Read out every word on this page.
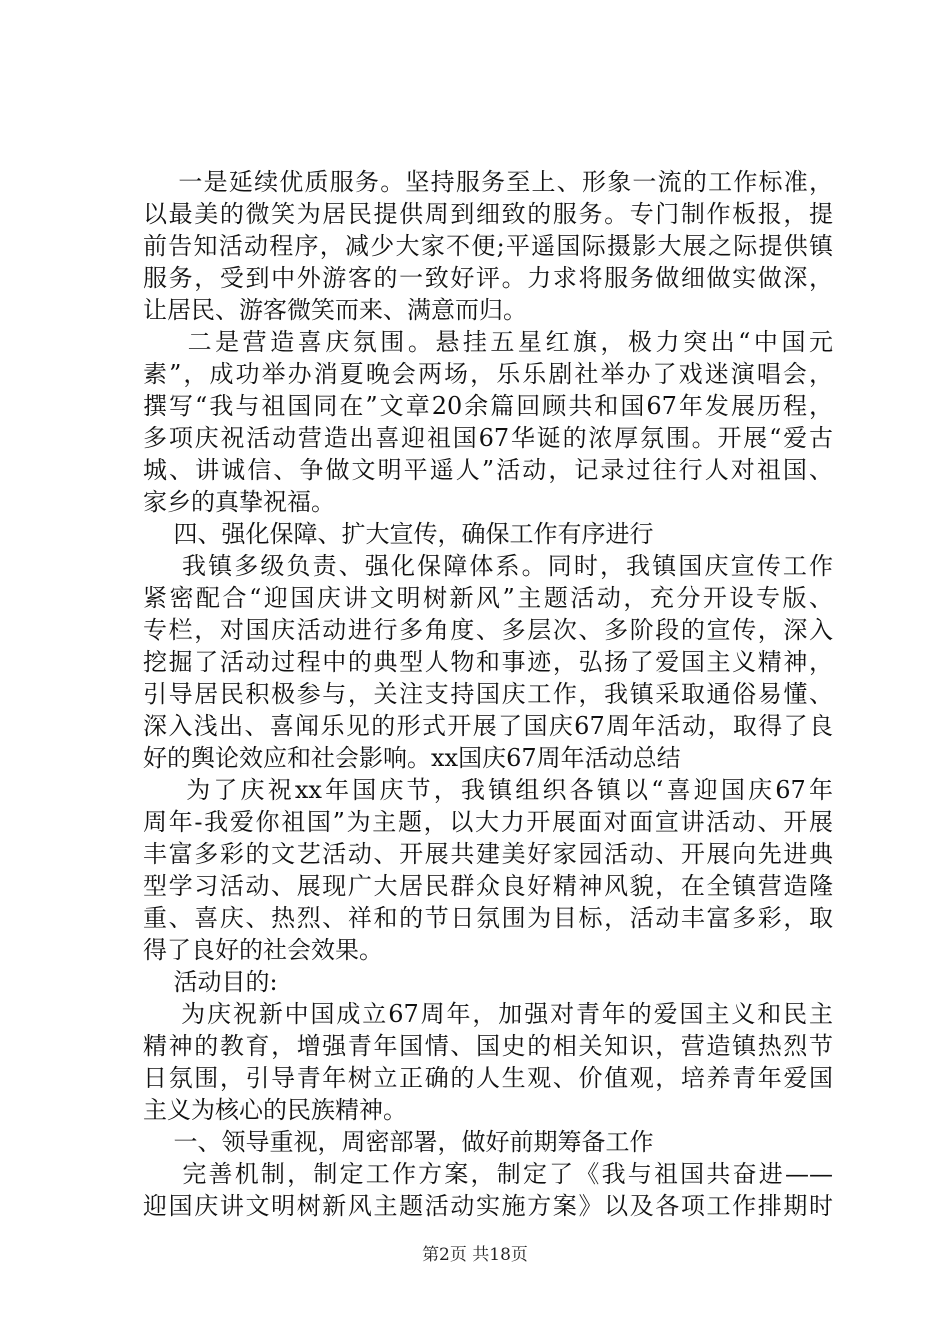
一是延续优质服务。坚持服务至上、形象一流的工作标准，
以最美的微笑为居民提供周到细致的服务。专门制作板报，提
前告知活动程序，减少大家不便;平遥国际摄影大展之际提供镇
服务，受到中外游客的一致好评。力求将服务做细做实做深，
让居民、游客微笑而来、满意而归。
二是营造喜庆氛围。悬挂五星红旗，极力突出“中国元
素”，成功举办消夏晚会两场，乐乐剧社举办了戏迷演唱会，
撰写“我与祖国同在”文章20余篇回顾共和国67年发展历程，
多项庆祝活动营造出喜迎祖国67华诞的浓厚氛围。开展“爱古
城、讲诚信、争做文明平遥人”活动，记录过往行人对祖国、
家乡的真挚祝福。
四、强化保障、扩大宣传，确保工作有序进行
我镇多级负责、强化保障体系。同时，我镇国庆宣传工作
紧密配合“迎国庆讲文明树新风”主题活动，充分开设专版、
专栏，对国庆活动进行多角度、多层次、多阶段的宣传，深入
挖掘了活动过程中的典型人物和事迹，弘扬了爱国主义精神，
引导居民积极参与，关注支持国庆工作，我镇采取通俗易懂、
深入浅出、喜闻乐见的形式开展了国庆67周年活动，取得了良
好的舆论效应和社会影响。xx国庆67周年活动总结
为了庆祝xx年国庆节，我镇组织各镇以“喜迎国庆67年
周年-我爱你祖国”为主题，以大力开展面对面宣讲活动、开展
丰富多彩的文艺活动、开展共建美好家园活动、开展向先进典
型学习活动、展现广大居民群众良好精神风貌，在全镇营造隆
重、喜庆、热烈、祥和的节日氛围为目标，活动丰富多彩，取
得了良好的社会效果。
活动目的:
为庆祝新中国成立67周年，加强对青年的爱国主义和民主
精神的教育，增强青年国情、国史的相关知识，营造镇热烈节
日氛围，引导青年树立正确的人生观、价值观，培养青年爱国
主义为核心的民族精神。
一、领导重视，周密部署，做好前期筹备工作
完善机制，制定工作方案，制定了《我与祖国共奋进——
迎国庆讲文明树新风主题活动实施方案》以及各项工作排期时
第2页 共18页
